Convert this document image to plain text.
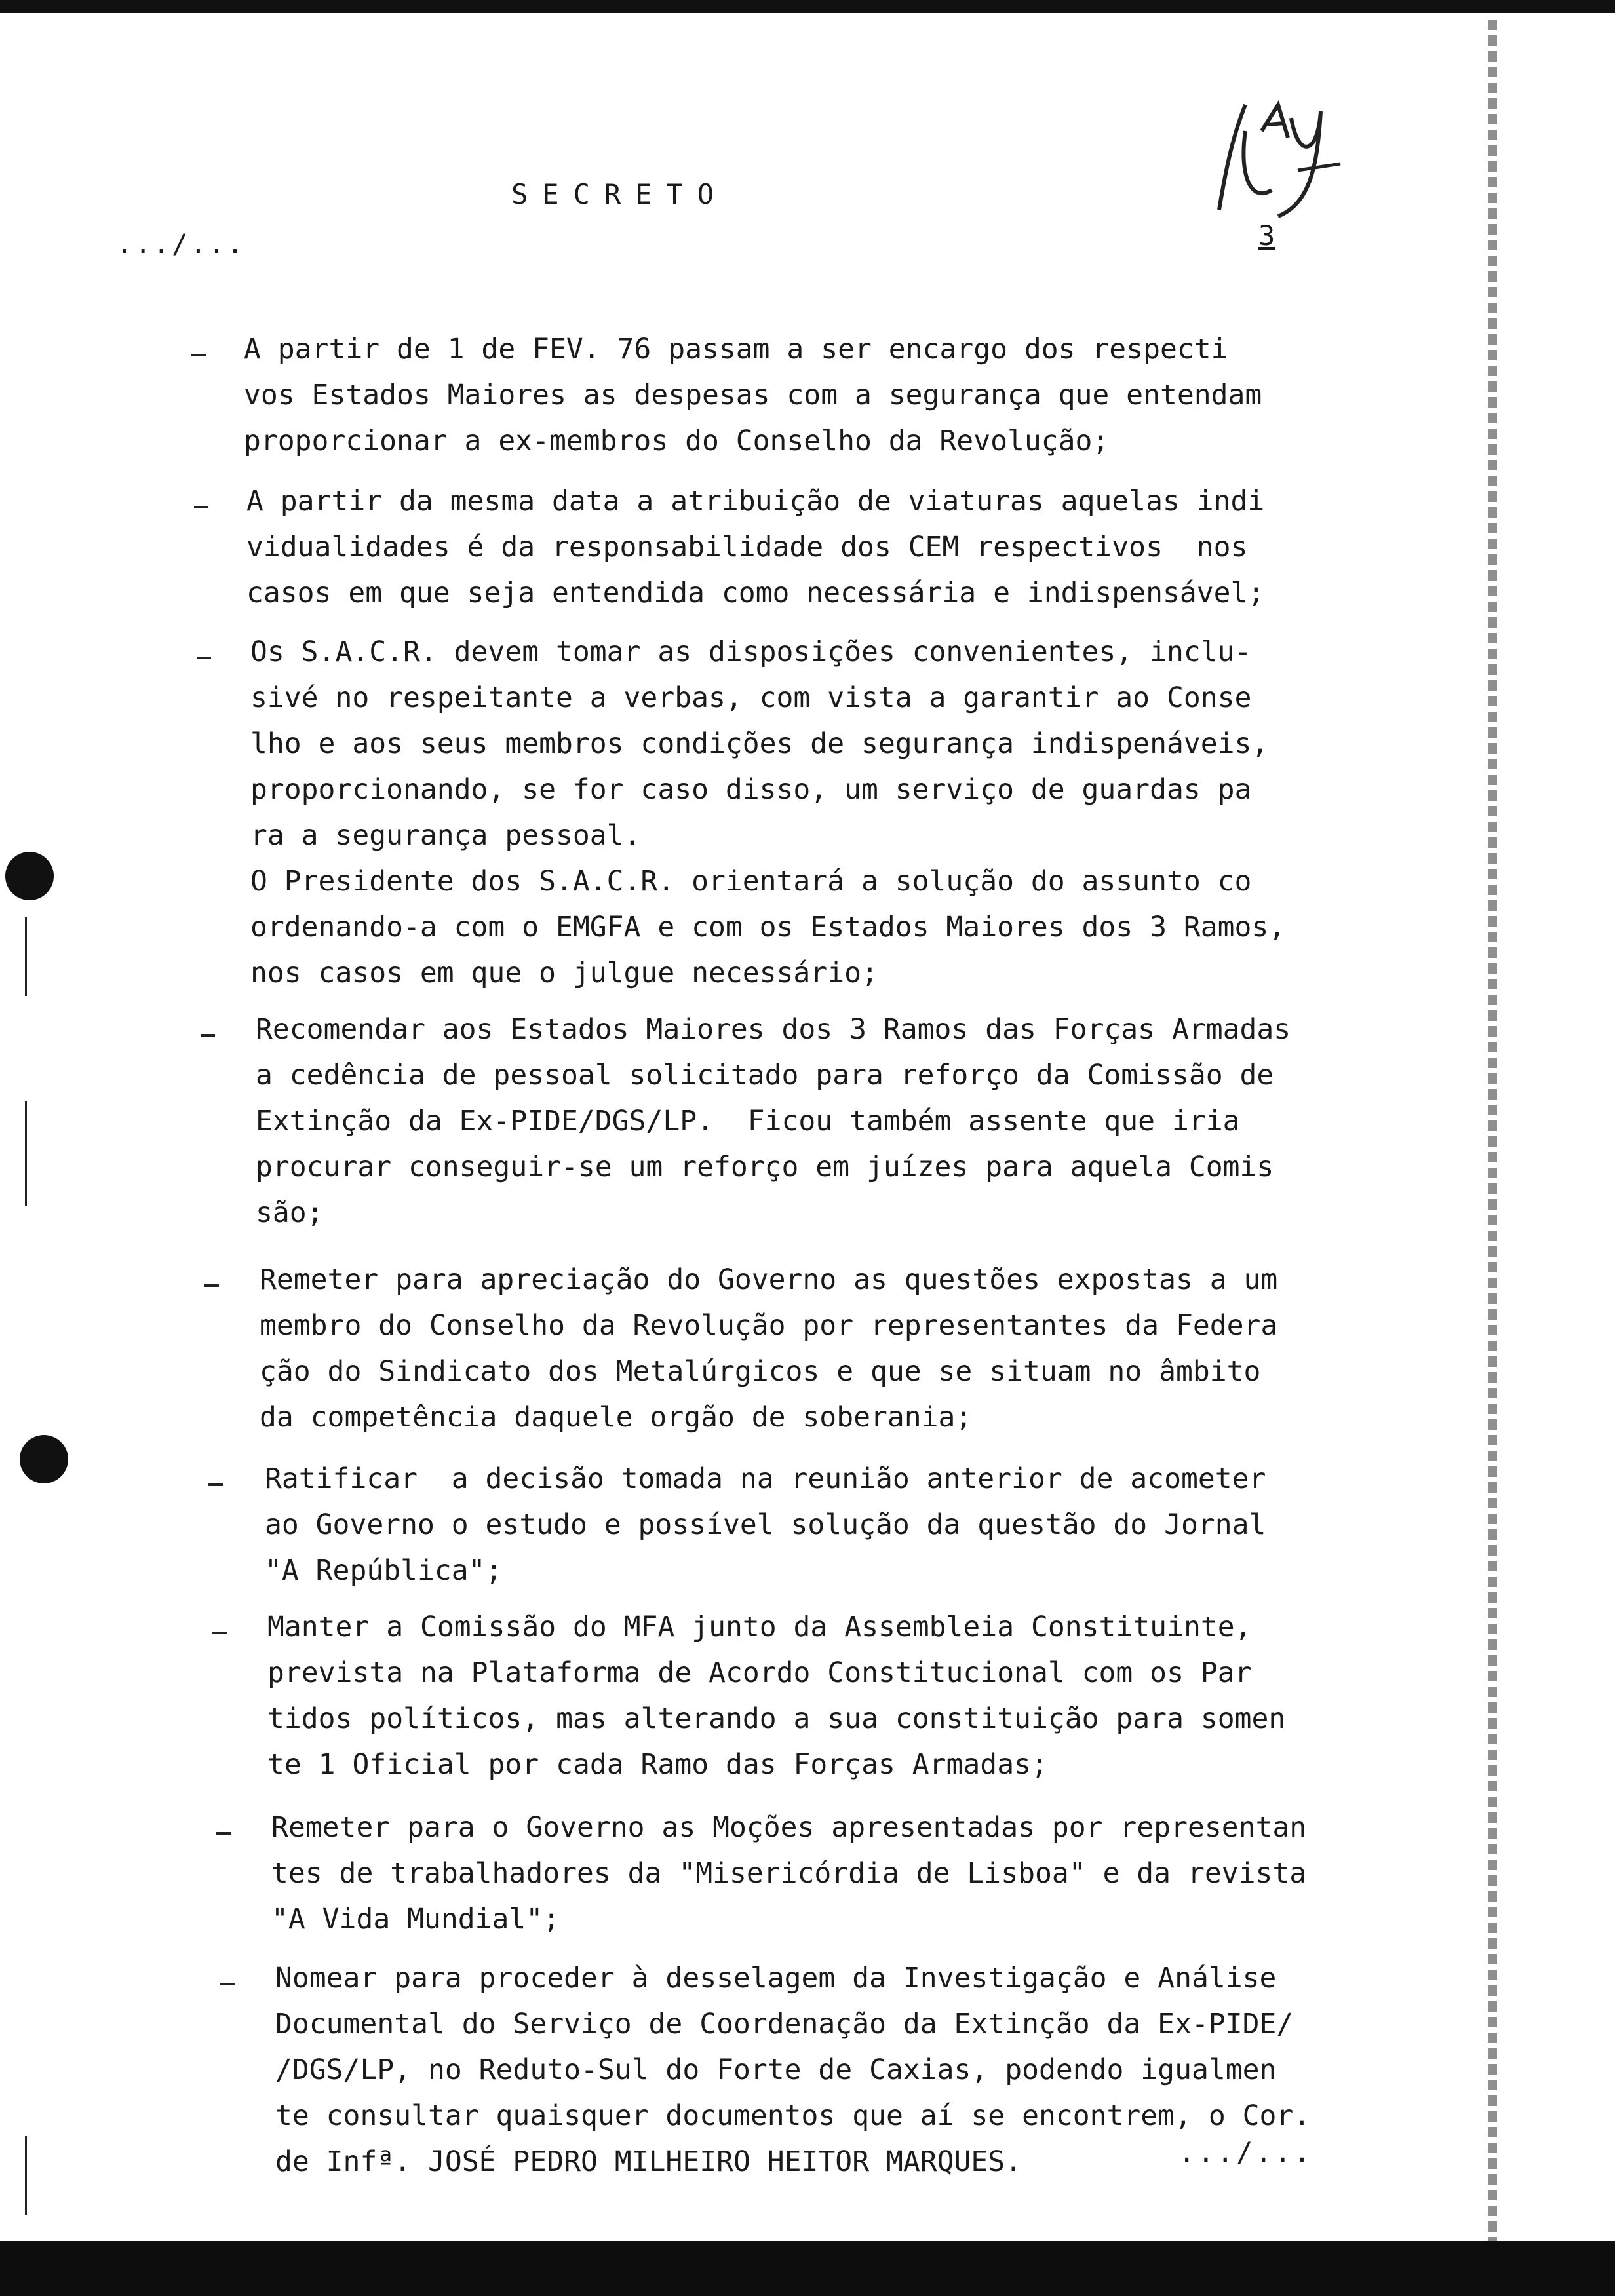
SECRETO
.../...	3
A partir de 1 de FEV. 76 passam a ser encargo dos respecti
vos Estados Maiores as despesas com a segurança que entendam
proporcionar a ex-membros do Conselho da Revolução;
A partir da mesma data a atribuição de viaturas aquelas indi
vidualidades é da responsabilidade dos CEM respectivos  nos
casos em que seja entendida como necessária e indispensável;
Os S.A.C.R. devem tomar as disposições convenientes, inclu-
sivé no respeitante a verbas, com vista a garantir ao Conse
lho e aos seus membros condições de segurança indispenáveis,
proporcionando, se for caso disso, um serviço de guardas pa
ra a segurança pessoal.
O Presidente dos S.A.C.R. orientará a solução do assunto co
ordenando-a com o EMGFA e com os Estados Maiores dos 3 Ramos,
nos casos em que o julgue necessário;
Recomendar aos Estados Maiores dos 3 Ramos das Forças Armadas
a cedência de pessoal solicitado para reforço da Comissão de
Extinção da Ex-PIDE/DGS/LP.  Ficou também assente que iria
procurar conseguir-se um reforço em juízes para aquela Comis
são;
Remeter para apreciação do Governo as questões expostas a um
membro do Conselho da Revolução por representantes da Federa
ção do Sindicato dos Metalúrgicos e que se situam no âmbito
da competência daquele orgão de soberania;
Ratificar  a decisão tomada na reunião anterior de acometer
ao Governo o estudo e possível solução da questão do Jornal
"A República";
Manter a Comissão do MFA junto da Assembleia Constituinte,
prevista na Plataforma de Acordo Constitucional com os Par
tidos políticos, mas alterando a sua constituição para somen
te 1 Oficial por cada Ramo das Forças Armadas;
Remeter para o Governo as Moções apresentadas por representan
tes de trabalhadores da "Misericórdia de Lisboa" e da revista
"A Vida Mundial";
Nomear para proceder à desselagem da Investigação e Análise
Documental do Serviço de Coordenação da Extinção da Ex-PIDE/
/DGS/LP, no Reduto-Sul do Forte de Caxias, podendo igualmen
te consultar quaisquer documentos que aí se encontrem, o Cor.
de Infª. JOSÉ PEDRO MILHEIRO HEITOR MARQUES.	.../...
